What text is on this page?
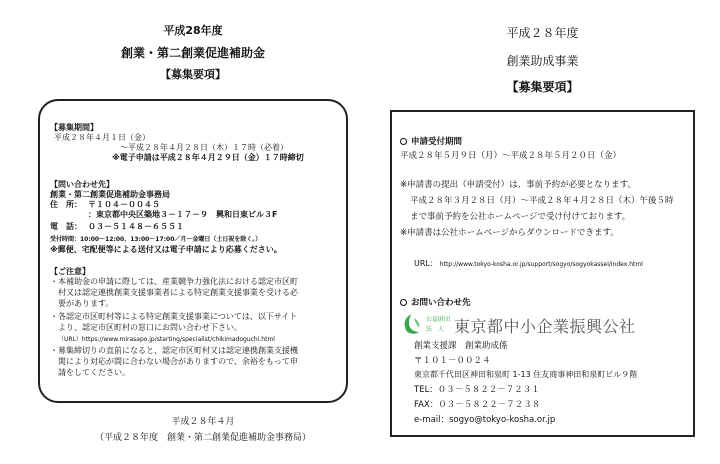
平成28年度
創業・第二創業促進補助金
【募集要項】
【募集期間】
平成２８年４月１日（金）
～平成２８年４月２８日（木）１７時（必着）
※電子申請は平成２８年４月２９日（金）１７時締切
【問い合わせ先】
創業・第二創業促進補助金事務局
住　所： 〒１０４－００４５
：東京都中央区築地３－１７－９　興和日東ビル３F
電　話： ０３－５１４８－６５５１
受付時間：10:00～12:00、13:00～17:00／月～金曜日（土日祝を除く。）
※郵便、宅配便等による送付又は電子申請により応募ください。
【ご注意】
・本補助金の申請に際しては、産業競争力強化法における認定市区町
村又は認定連携創業支援事業者による特定創業支援事業を受ける必
要があります。
・各認定市区町村等による特定創業支援事業については、以下サイト
より、認定市区町村の窓口にお問い合わせ下さい。
（URL）https://www.mirasapo.jp/starting/specialist/chikimadoguchi.html
・募集締切りの直前になると、認定市区町村又は認定連携創業支援機
関により対応が間に合わない場合がありますので、余裕をもって申
請をしてください。
平成２８年４月
（平成２８年度　創業・第二創業促進補助金事務局）
平成２８年度
創業助成事業
【募集要項】
申請受付期間
平成２８年５月９日（月）～平成２８年５月２０日（金）
※申請書の提出（申請受付）は、事前予約が必要となります。
平成２８年３月２８日（月）～平成２８年４月２８日（木）午後５時
まで事前予約を公社ホームページで受け付けております。
※申請書は公社ホームページからダウンロードできます。
URL： http://www.tokyo-kosha.or.jp/support/sogyo/sogyokassei/index.html
お問い合わせ先
公益財団
法　人 東京都中小企業振興公社
創業支援課　創業助成係
〒１０１－００２４
東京都千代田区神田和泉町 1-13 住友商事神田和泉町ビル９階
TEL：０３－５８２２－７２３１
FAX：０３－５８２２－７２３８
e-mail：sogyo@tokyo-kosha.or.jp
